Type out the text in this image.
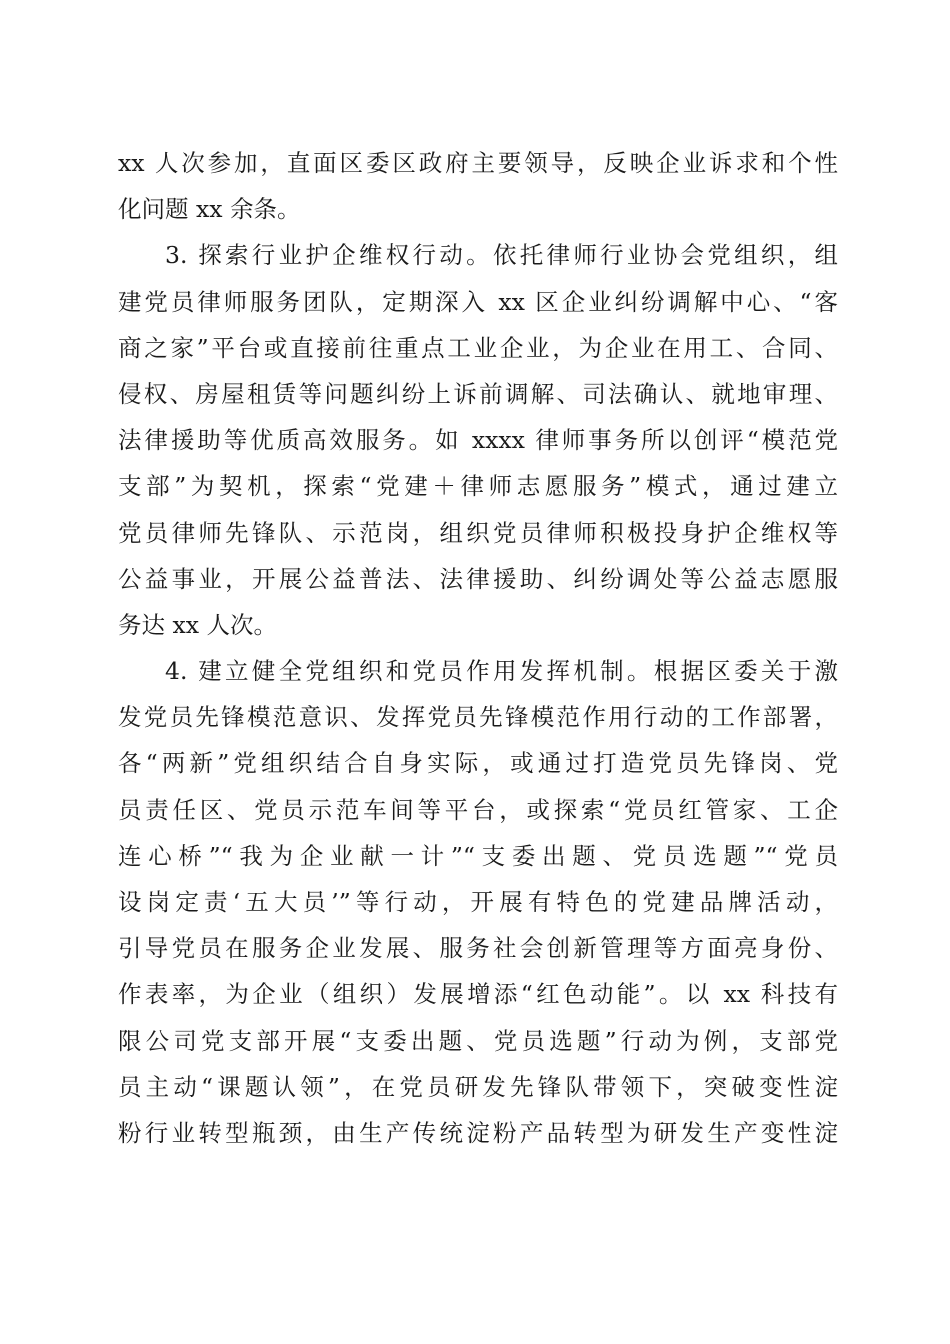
xx 人次参加，直面区委区政府主要领导，反映企业诉求和个性
化问题 xx 余条。
3. 探索行业护企维权行动。依托律师行业协会党组织，组
建党员律师服务团队，定期深入 xx 区企业纠纷调解中心、“客
商之家”平台或直接前往重点工业企业，为企业在用工、合同、
侵权、房屋租赁等问题纠纷上诉前调解、司法确认、就地审理、
法律援助等优质高效服务。如 xxxx 律师事务所以创评“模范党
支部”为契机，探索“党建＋律师志愿服务”模式，通过建立
党员律师先锋队、示范岗，组织党员律师积极投身护企维权等
公益事业，开展公益普法、法律援助、纠纷调处等公益志愿服
务达 xx 人次。
4. 建立健全党组织和党员作用发挥机制。根据区委关于激
发党员先锋模范意识、发挥党员先锋模范作用行动的工作部署，
各“两新”党组织结合自身实际，或通过打造党员先锋岗、党
员责任区、党员示范车间等平台，或探索“党员红管家、工企
连心桥”“我为企业献一计”“支委出题、党员选题”“党员
设岗定责‘五大员’”等行动，开展有特色的党建品牌活动，
引导党员在服务企业发展、服务社会创新管理等方面亮身份、
作表率，为企业（组织）发展增添“红色动能”。以 xx 科技有
限公司党支部开展“支委出题、党员选题”行动为例，支部党
员主动“课题认领”，在党员研发先锋队带领下，突破变性淀
粉行业转型瓶颈，由生产传统淀粉产品转型为研发生产变性淀
